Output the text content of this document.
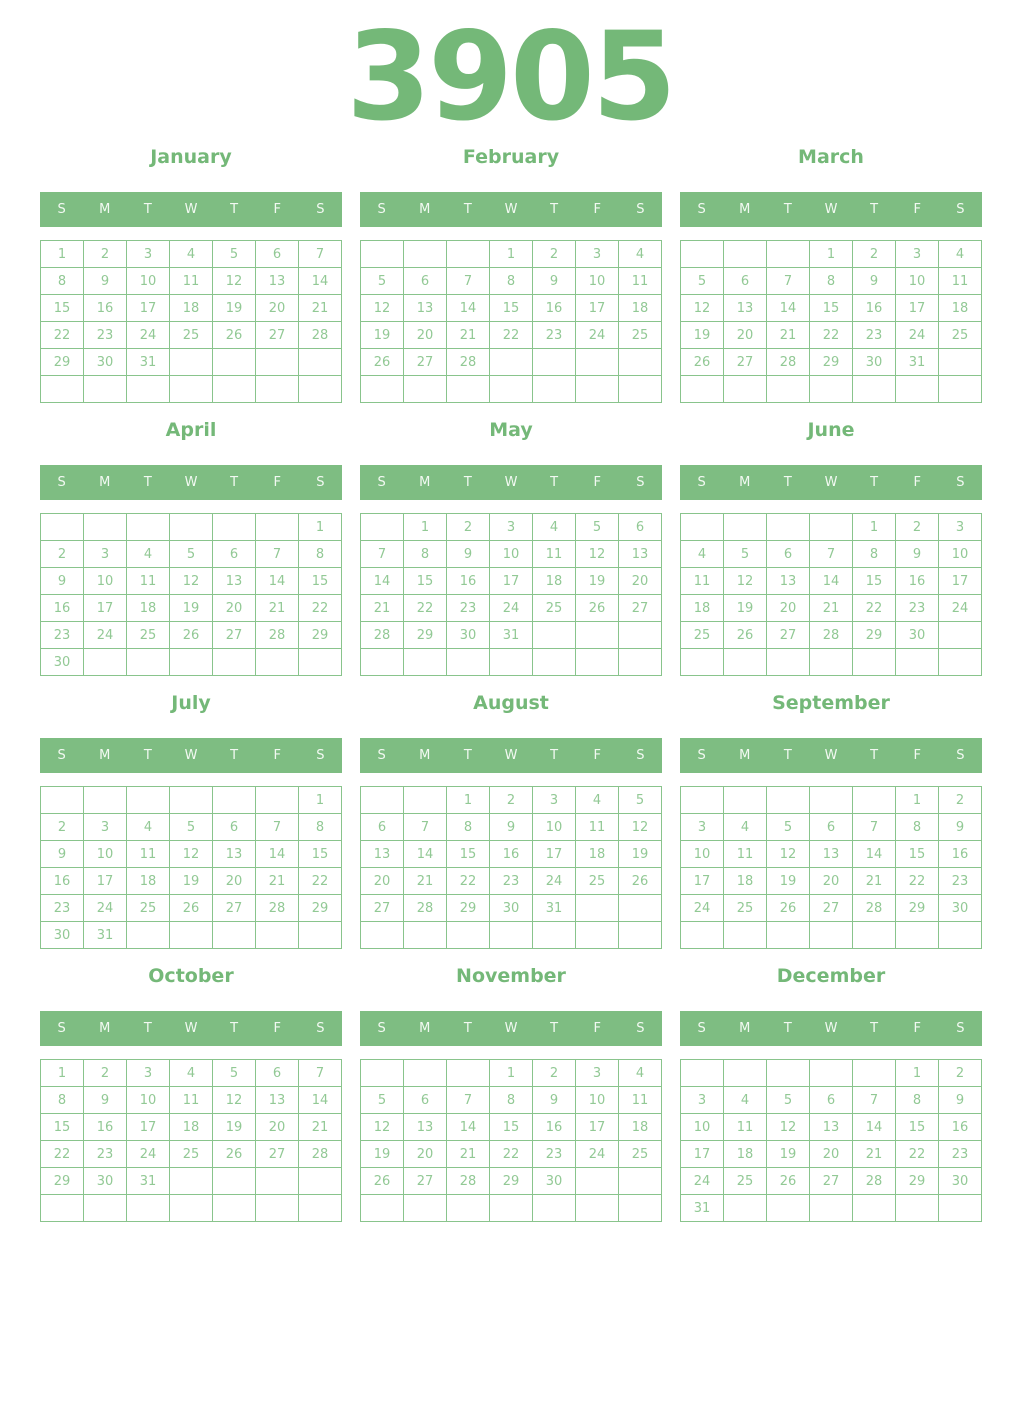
3905
January
S	M	T	W	T	F	S
1	2	3	4	5	6	7
8	9	10	11	12	13	14
15	16	17	18	19	20	21
22	23	24	25	26	27	28
29	30	31				

February
S	M	T	W	T	F	S
			1	2	3	4
5	6	7	8	9	10	11
12	13	14	15	16	17	18
19	20	21	22	23	24	25
26	27	28				

March
S	M	T	W	T	F	S
			1	2	3	4
5	6	7	8	9	10	11
12	13	14	15	16	17	18
19	20	21	22	23	24	25
26	27	28	29	30	31	

April
S	M	T	W	T	F	S
						1
2	3	4	5	6	7	8
9	10	11	12	13	14	15
16	17	18	19	20	21	22
23	24	25	26	27	28	29
30						
May
S	M	T	W	T	F	S
	1	2	3	4	5	6
7	8	9	10	11	12	13
14	15	16	17	18	19	20
21	22	23	24	25	26	27
28	29	30	31			

June
S	M	T	W	T	F	S
				1	2	3
4	5	6	7	8	9	10
11	12	13	14	15	16	17
18	19	20	21	22	23	24
25	26	27	28	29	30	

July
S	M	T	W	T	F	S
						1
2	3	4	5	6	7	8
9	10	11	12	13	14	15
16	17	18	19	20	21	22
23	24	25	26	27	28	29
30	31					
August
S	M	T	W	T	F	S
		1	2	3	4	5
6	7	8	9	10	11	12
13	14	15	16	17	18	19
20	21	22	23	24	25	26
27	28	29	30	31		

September
S	M	T	W	T	F	S
					1	2
3	4	5	6	7	8	9
10	11	12	13	14	15	16
17	18	19	20	21	22	23
24	25	26	27	28	29	30

October
S	M	T	W	T	F	S
1	2	3	4	5	6	7
8	9	10	11	12	13	14
15	16	17	18	19	20	21
22	23	24	25	26	27	28
29	30	31				

November
S	M	T	W	T	F	S
			1	2	3	4
5	6	7	8	9	10	11
12	13	14	15	16	17	18
19	20	21	22	23	24	25
26	27	28	29	30		

December
S	M	T	W	T	F	S
					1	2
3	4	5	6	7	8	9
10	11	12	13	14	15	16
17	18	19	20	21	22	23
24	25	26	27	28	29	30
31						
